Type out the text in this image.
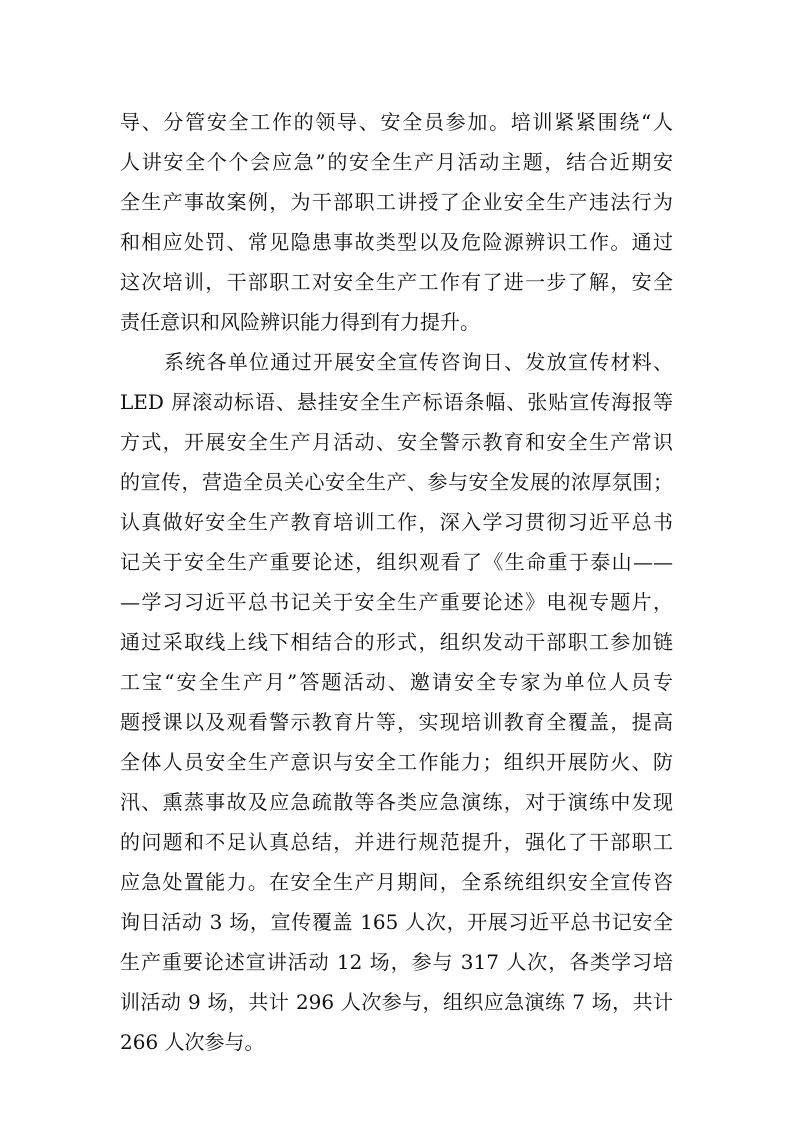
导、分管安全工作的领导、安全员参加。培训紧紧围绕“人
人讲安全个个会应急”的安全生产月活动主题，结合近期安
全生产事故案例，为干部职工讲授了企业安全生产违法行为
和相应处罚、常见隐患事故类型以及危险源辨识工作。通过
这次培训，干部职工对安全生产工作有了进一步了解，安全
责任意识和风险辨识能力得到有力提升。
系统各单位通过开展安全宣传咨询日、发放宣传材料、
LED 屏滚动标语、悬挂安全生产标语条幅、张贴宣传海报等
方式，开展安全生产月活动、安全警示教育和安全生产常识
的宣传，营造全员关心安全生产、参与安全发展的浓厚氛围；
认真做好安全生产教育培训工作，深入学习贯彻习近平总书
记关于安全生产重要论述，组织观看了《生命重于泰山——
—学习习近平总书记关于安全生产重要论述》电视专题片，
通过采取线上线下相结合的形式，组织发动干部职工参加链
工宝“安全生产月”答题活动、邀请安全专家为单位人员专
题授课以及观看警示教育片等，实现培训教育全覆盖，提高
全体人员安全生产意识与安全工作能力；组织开展防火、防
汛、熏蒸事故及应急疏散等各类应急演练，对于演练中发现
的问题和不足认真总结，并进行规范提升，强化了干部职工
应急处置能力。在安全生产月期间，全系统组织安全宣传咨
询日活动 3 场，宣传覆盖 165 人次，开展习近平总书记安全
生产重要论述宣讲活动 12 场，参与 317 人次，各类学习培
训活动 9 场，共计 296 人次参与，组织应急演练 7 场，共计
266 人次参与。
